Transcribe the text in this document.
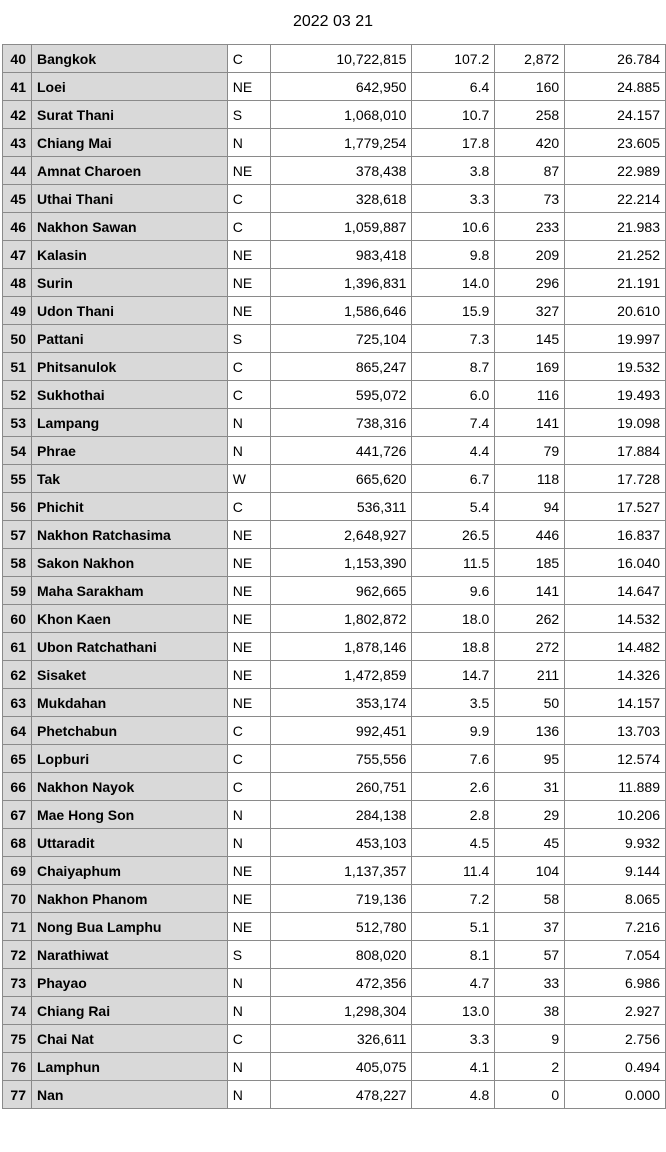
2022 03 21
40	Bangkok	C	10,722,815	107.2	2,872	26.784
41	Loei	NE	642,950	6.4	160	24.885
42	Surat Thani	S	1,068,010	10.7	258	24.157
43	Chiang Mai	N	1,779,254	17.8	420	23.605
44	Amnat Charoen	NE	378,438	3.8	87	22.989
45	Uthai Thani	C	328,618	3.3	73	22.214
46	Nakhon Sawan	C	1,059,887	10.6	233	21.983
47	Kalasin	NE	983,418	9.8	209	21.252
48	Surin	NE	1,396,831	14.0	296	21.191
49	Udon Thani	NE	1,586,646	15.9	327	20.610
50	Pattani	S	725,104	7.3	145	19.997
51	Phitsanulok	C	865,247	8.7	169	19.532
52	Sukhothai	C	595,072	6.0	116	19.493
53	Lampang	N	738,316	7.4	141	19.098
54	Phrae	N	441,726	4.4	79	17.884
55	Tak	W	665,620	6.7	118	17.728
56	Phichit	C	536,311	5.4	94	17.527
57	Nakhon Ratchasima	NE	2,648,927	26.5	446	16.837
58	Sakon Nakhon	NE	1,153,390	11.5	185	16.040
59	Maha Sarakham	NE	962,665	9.6	141	14.647
60	Khon Kaen	NE	1,802,872	18.0	262	14.532
61	Ubon Ratchathani	NE	1,878,146	18.8	272	14.482
62	Sisaket	NE	1,472,859	14.7	211	14.326
63	Mukdahan	NE	353,174	3.5	50	14.157
64	Phetchabun	C	992,451	9.9	136	13.703
65	Lopburi	C	755,556	7.6	95	12.574
66	Nakhon Nayok	C	260,751	2.6	31	11.889
67	Mae Hong Son	N	284,138	2.8	29	10.206
68	Uttaradit	N	453,103	4.5	45	9.932
69	Chaiyaphum	NE	1,137,357	11.4	104	9.144
70	Nakhon Phanom	NE	719,136	7.2	58	8.065
71	Nong Bua Lamphu	NE	512,780	5.1	37	7.216
72	Narathiwat	S	808,020	8.1	57	7.054
73	Phayao	N	472,356	4.7	33	6.986
74	Chiang Rai	N	1,298,304	13.0	38	2.927
75	Chai Nat	C	326,611	3.3	9	2.756
76	Lamphun	N	405,075	4.1	2	0.494
77	Nan	N	478,227	4.8	0	0.000
